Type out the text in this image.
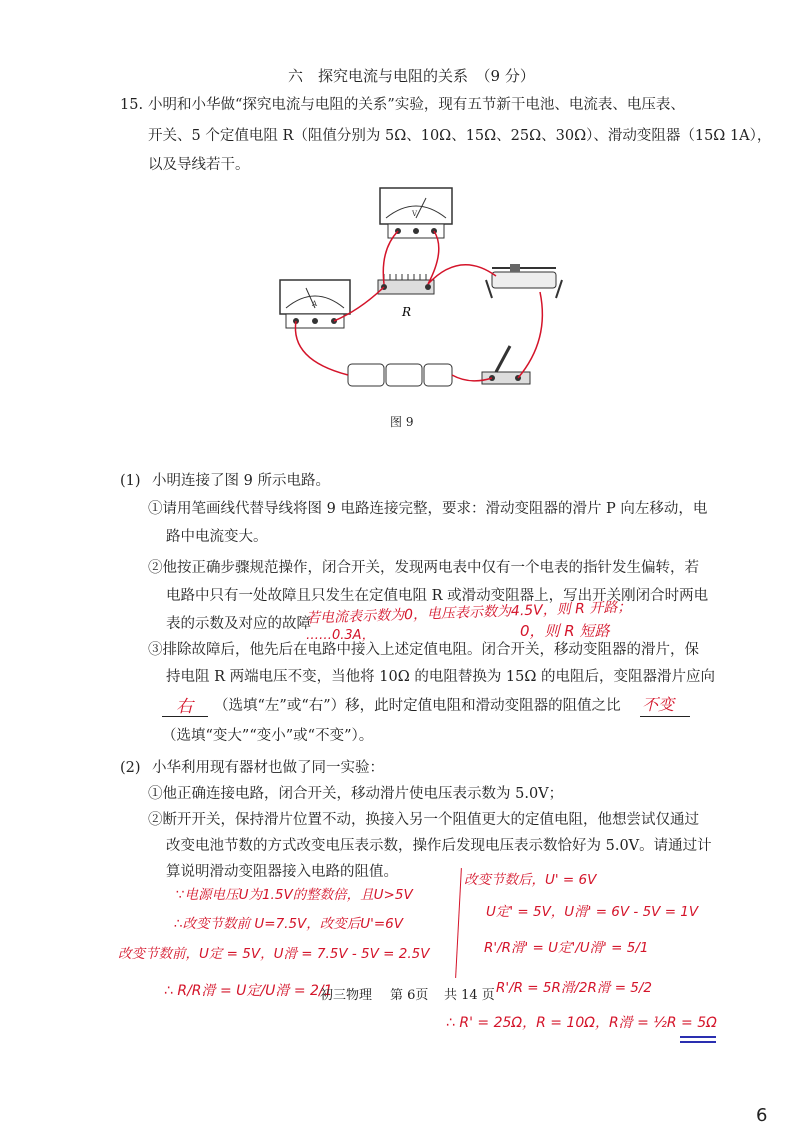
六　探究电流与电阻的关系　（9 分）
15. 小明和小华做“探究电流与电阻的关系”实验，现有五节新干电池、电流表、电压表、
开关、5 个定值电阻 R（阻值分别为 5Ω、10Ω、15Ω、25Ω、30Ω）、滑动变阻器（15Ω 1A），
以及导线若干。
V
A
R
图 9
(1) 小明连接了图 9 所示电路。
①请用笔画线代替导线将图 9 电路连接完整，要求：滑动变阻器的滑片 P 向左移动，电
路中电流变大。
②他按正确步骤规范操作，闭合开关，发现两电表中仅有一个电表的指针发生偏转，若
电路中只有一处故障且只发生在定值电阻 R 或滑动变阻器上，写出开关刚闭合时两电
表的示数及对应的故障
③排除故障后，他先后在电路中接入上述定值电阻。闭合开关，移动变阻器的滑片，保
持电阻 R 两端电压不变，当他将 10Ω 的电阻替换为 15Ω 的电阻后，变阻器滑片应向
（选填“左”或“右”）移，此时定值电阻和滑动变阻器的阻值之比
（选填“变大”“变小”或“不变”）。
(2) 小华利用现有器材也做了同一实验：
①他正确连接电路，闭合开关，移动滑片使电压表示数为 5.0V；
②断开开关，保持滑片位置不动，换接入另一个阻值更大的定值电阻，他想尝试仅通过
改变电池节数的方式改变电压表示数，操作后发现电压表示数恰好为 5.0V。请通过计
算说明滑动变阻器接入电路的阻值。
若电流表示数为0，电压表示数为4.5V，则 R 开路；
……0.3A，	0，则 R 短路
右	不变
∵电源电压U为1.5V的整数倍，且U>5V
∴改变节数前 U=7.5V，改变后U'=6V
改变节数前，U定 = 5V，U滑 = 7.5V - 5V = 2.5V
∴ R/R滑 = U定/U滑 = 2/1
改变节数后，U' = 6V
U定' = 5V，U滑' = 6V - 5V = 1V
R'/R滑' = U定'/U滑' = 5/1
R'/R = 5R滑/2R滑 = 5/2
∴ R' = 25Ω，R = 10Ω，R滑 = ½R = 5Ω
初三物理 第 6页 共 14 页
6
